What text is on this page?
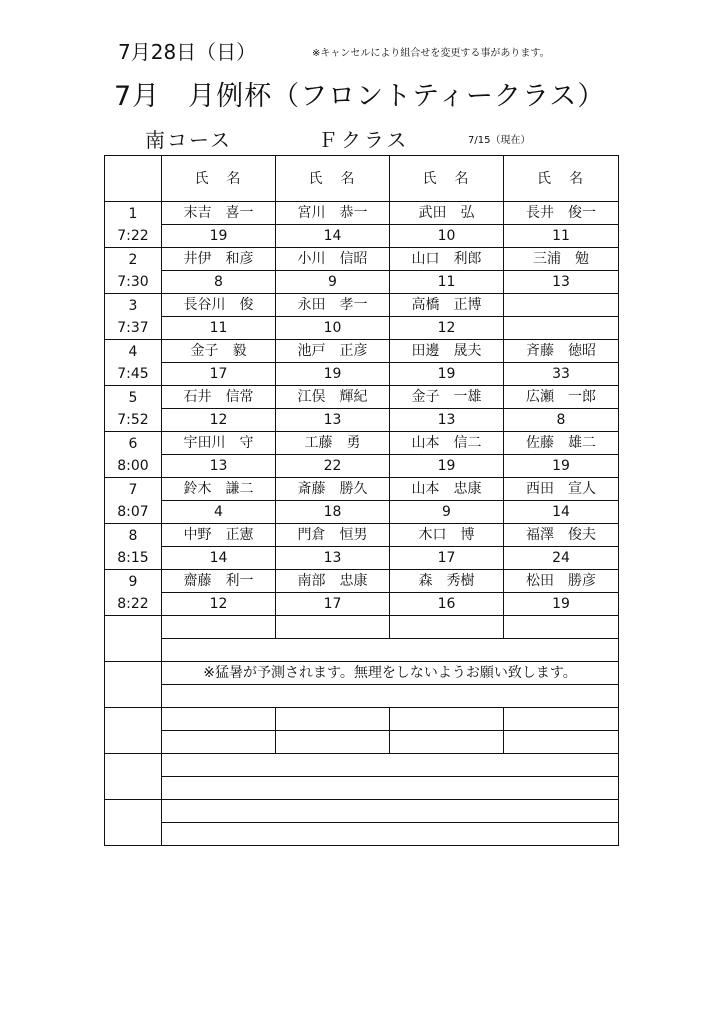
7月28日（日）	※キャンセルにより組合せを変更する事があります。
7月　月例杯（フロントティークラス）
南コース	Ｆクラス	7/15（現在）
	氏　名	氏　名	氏　名	氏　名

1
7:22	末吉　喜一	宮川　恭一	武田　弘	長井　俊一
	19	14	10	11

2
7:30	井伊　和彦	小川　信昭	山口　利郎	三浦　勉
	8	9	11	13

3
7:37	長谷川　俊	永田　孝一	高橋　正博	
	11	10	12	

4
7:45	金子　毅	池戸　正彦	田邊　晟夫	斉藤　徳昭
	17	19	19	33

5
7:52	石井　信常	江俣　輝紀	金子　一雄	広瀬　一郎
	12	13	13	8

6
8:00	宇田川　守	工藤　勇	山本　信二	佐藤　雄二
	13	22	19	19

7
8:07	鈴木　謙二	斎藤　勝久	山本　忠康	西田　宣人
	4	18	9	14

8
8:15	中野　正憲	門倉　恒男	木口　博	福澤　俊夫
	14	13	17	24

9
8:22	齋藤　利一	南部　忠康	森　秀樹	松田　勝彦
	12	17	16	19

	※猛暑が予測されます。無理をしないようお願い致します。			
